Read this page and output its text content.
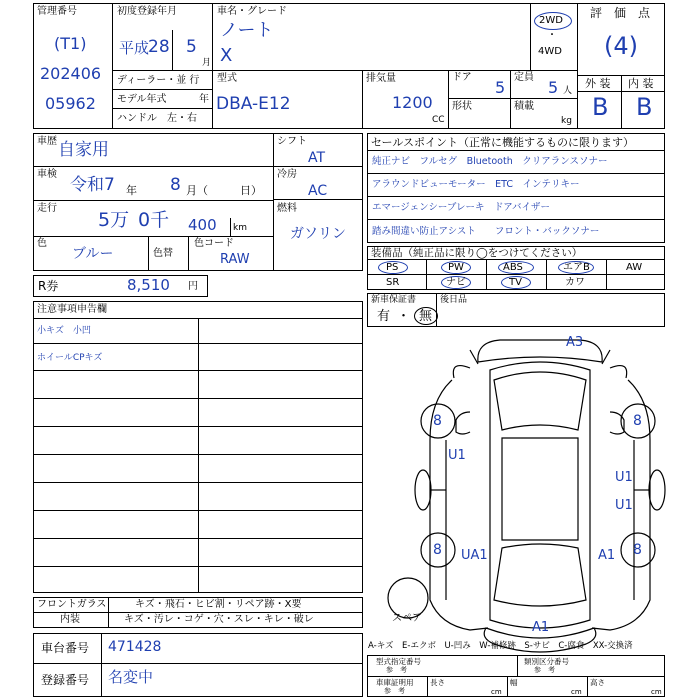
管理番号
(T1)
202406
05962
初度登録年月
平成
28 5
月
ディーラー・並 行
モデル年式	年
ハンドル　左・右
車名・グレード
ノート
X
2WD
・
4WD
型式
DBA-E12
排気量
1200
CC
ドア
5
定員
5 人
形状	積載
kg
評　価　点
(4)
外 装 内 装
B B
車歴 自家用
車検
令和7 年 8 月（	日）
走行
5万 0千 400 km
色
ブルー	色替
色コード
RAW
シフト
AT
冷房
AC
燃料
ガソリン
R券	8,510 円
セールスポイント（正常に機能するものに限ります）
純正ナビ　フルセグ　Bluetooth　クリアランスソナー
アラウンドビューモーター　ETC　インテリキー
エマージェンシーブレーキ　ドアバイザー
踏み間違い防止アシスト　　フロント・バックソナー
装備品（純正品に限り◯をつけてください）
PS	PW	ABS	エアB	AW
SR	ナビ	TV	カワ
新車保証書
有 ・ 無
後日品
注意事項申告欄
小キズ　小凹
ホイールCPキズ
フロントガラス	キズ・飛石・ヒビ割・リペア跡・X要
内装	キズ・汚レ・コゲ・穴・スレ・キレ・破レ
車台番号 471428
登録番号 名変中
A-キズ　E-エクボ　U-凹み　W-補修跡　S-サビ　C-腐食　XX-交換済
型式指定番号
参　考
類別区分番号
参　考
車庫証明用
参　考
長さ
cm
幅
cm
高さ
cm
スペア
A3
8	8
U1
U1
U1
8	8
UA1	A1
A1
